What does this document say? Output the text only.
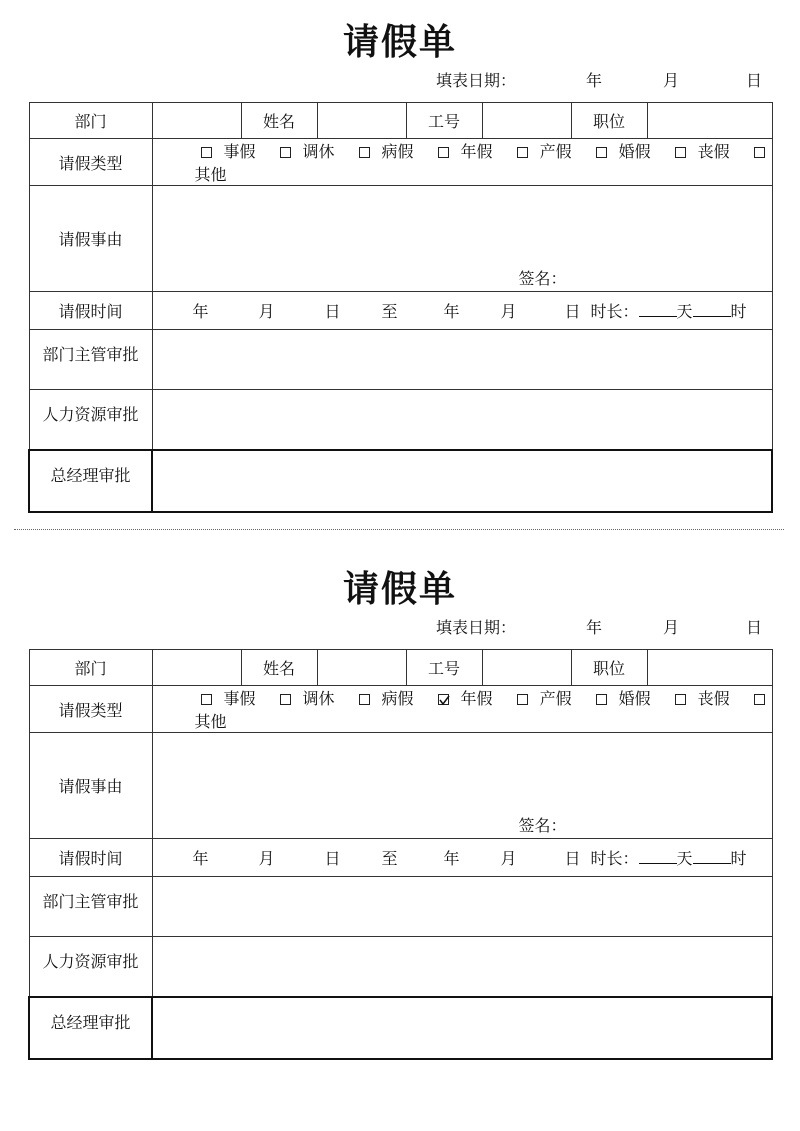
请假单
填表日期：	年	月	日
部门		姓名		工号		职位	
请假类型	事假 调休 病假 年假 产假 婚假 丧假其他						
请假事由	签名：						

请假时间	年 月 日 至 年 月 日 时长： 天 时						
部门主管审批							
人力资源审批							
总经理审批							
请假单
填表日期：	年	月	日
部门		姓名		工号		职位	
请假类型	事假 调休 病假 年假 产假 婚假 丧假其他						
请假事由	签名：						

请假时间	年 月 日 至 年 月 日 时长： 天 时						
部门主管审批							
人力资源审批							
总经理审批							
